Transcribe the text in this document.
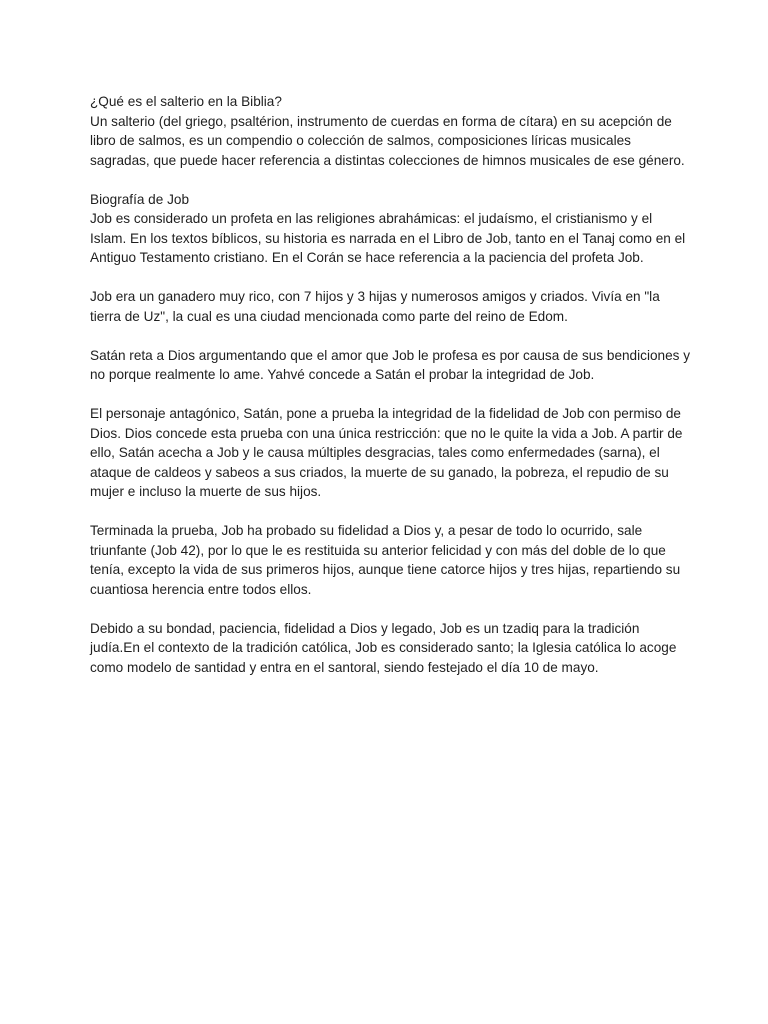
¿Qué es el salterio en la Biblia?
Un salterio (del griego, psaltérion, instrumento de cuerdas en forma de cítara) en su acepción de libro de salmos, es un compendio o colección de salmos, composiciones líricas musicales sagradas, que puede hacer referencia a distintas colecciones de himnos musicales de ese género.
Biografía de Job
Job es considerado un profeta en las religiones abrahámicas: el judaísmo, el cristianismo y el Islam. En los textos bíblicos, su historia es narrada en el Libro de Job, tanto en el Tanaj como en el Antiguo Testamento cristiano. En el Corán se hace referencia a la paciencia del profeta Job.
Job era un ganadero muy rico, con 7 hijos y 3 hijas y numerosos amigos y criados. Vivía en "la tierra de Uz", la cual es una ciudad mencionada como parte del reino de Edom.
Satán reta a Dios argumentando que el amor que Job le profesa es por causa de sus bendiciones y no porque realmente lo ame. Yahvé concede a Satán el probar la integridad de Job.
El personaje antagónico, Satán, pone a prueba la integridad de la fidelidad de Job con permiso de Dios. Dios concede esta prueba con una única restricción: que no le quite la vida a Job. A partir de ello, Satán acecha a Job y le causa múltiples desgracias, tales como enfermedades (sarna), el ataque de caldeos y sabeos a sus criados, la muerte de su ganado, la pobreza, el repudio de su mujer e incluso la muerte de sus hijos.
Terminada la prueba, Job ha probado su fidelidad a Dios y, a pesar de todo lo ocurrido, sale triunfante (Job 42), por lo que le es restituida su anterior felicidad y con más del doble de lo que tenía, excepto la vida de sus primeros hijos, aunque tiene catorce hijos y tres hijas, repartiendo su cuantiosa herencia entre todos ellos.
Debido a su bondad, paciencia, fidelidad a Dios y legado, Job es un tzadiq para la tradición judía.En el contexto de la tradición católica, Job es considerado santo; la Iglesia católica lo acoge como modelo de santidad y entra en el santoral, siendo festejado el día 10 de mayo.
